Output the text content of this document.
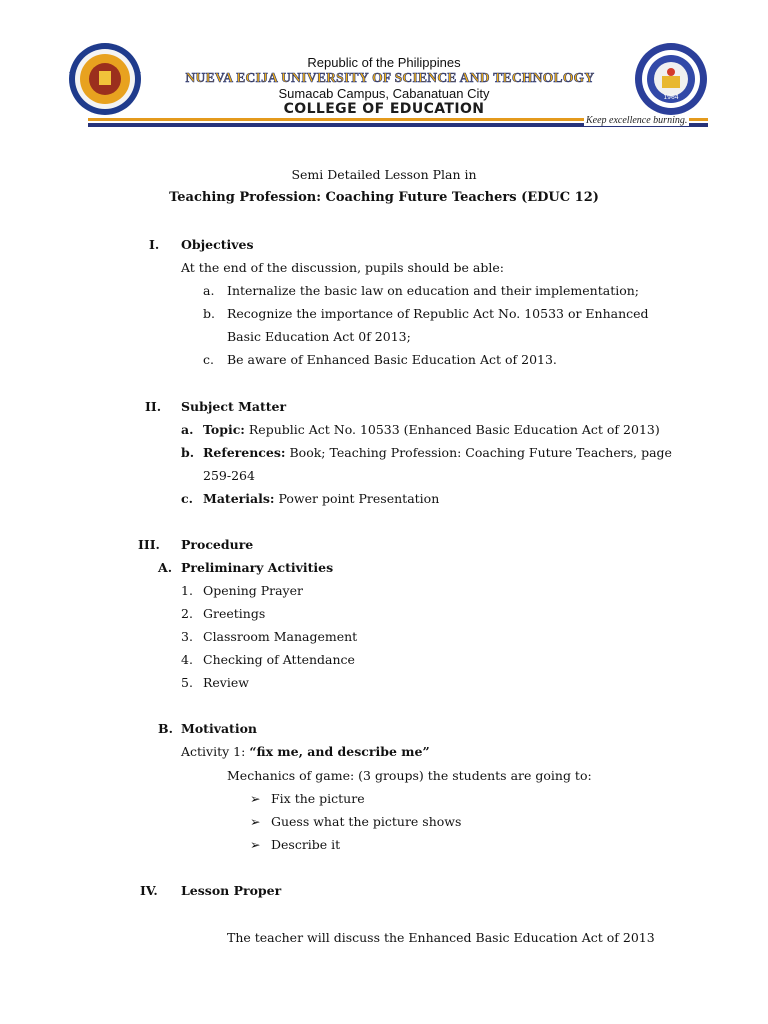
Republic of the Philippines
NUEVA ECIJA UNIVERSITY OF SCIENCE AND TECHNOLOGY
Sumacab Campus, Cabanatuan City
COLLEGE OF EDUCATION
1964
Keep excellence burning.
Semi Detailed Lesson Plan in
Teaching Profession: Coaching Future Teachers (EDUC 12)
I. Objectives
At the end of the discussion, pupils should be able:
a. Internalize the basic law on education and their implementation;
b. Recognize the importance of Republic Act No. 10533 or Enhanced
Basic Education Act 0f 2013;
c. Be aware of Enhanced Basic Education Act of 2013.
II. Subject Matter
a. Topic: Republic Act No. 10533 (Enhanced Basic Education Act of 2013)
b. References: Book; Teaching Profession: Coaching Future Teachers, page
259-264
c. Materials: Power point Presentation
III. Procedure
A. Preliminary Activities
1. Opening Prayer
2. Greetings
3. Classroom Management
4. Checking of Attendance
5. Review
B. Motivation
Activity 1: “fix me, and describe me”
Mechanics of game: (3 groups) the students are going to:
➢ Fix the picture
➢ Guess what the picture shows
➢ Describe it
IV. Lesson Proper
The teacher will discuss the Enhanced Basic Education Act of 2013
